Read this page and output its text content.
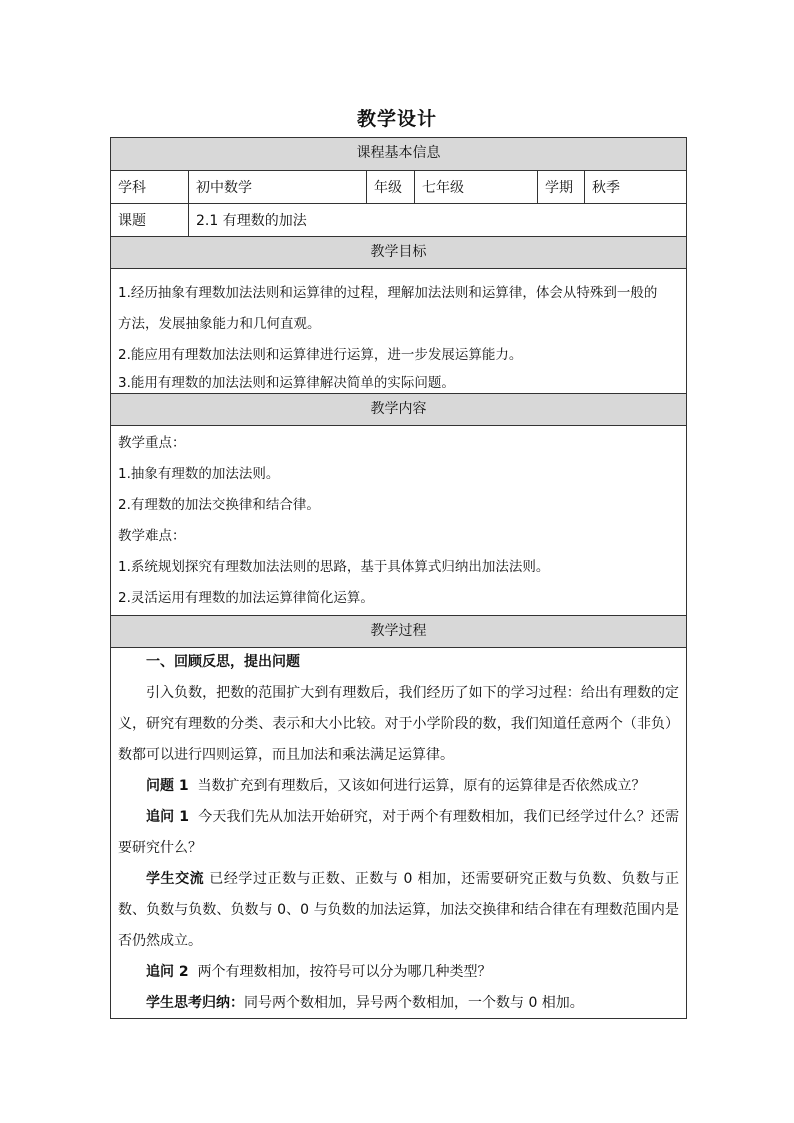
教学设计
课程基本信息
学科	初中数学	年级	七年级	学期	秋季
课题	2.1 有理数的加法
教学目标
1.经历抽象有理数加法法则和运算律的过程，理解加法法则和运算律，体会从特殊到一般的
方法，发展抽象能力和几何直观。
2.能应用有理数加法法则和运算律进行运算，进一步发展运算能力。
3.能用有理数的加法法则和运算律解决简单的实际问题。
教学内容
教学重点：
1.抽象有理数的加法法则。
2.有理数的加法交换律和结合律。
教学难点：
1.系统规划探究有理数加法法则的思路，基于具体算式归纳出加法法则。
2.灵活运用有理数的加法运算律简化运算。
教学过程

一、回顾反思，提出问题

引入负数，把数的范围扩大到有理数后，我们经历了如下的学习过程：给出有理数的定义，研究有理数的分类、表示和大小比较。对于小学阶段的数，我们知道任意两个（非负）数都可以进行四则运算，而且加法和乘法满足运算律。

问题 1 当数扩充到有理数后，又该如何进行运算，原有的运算律是否依然成立？

追问 1 今天我们先从加法开始研究，对于两个有理数相加，我们已经学过什么？还需要研究什么？

学生交流 已经学过正数与正数、正数与 0 相加，还需要研究正数与负数、负数与正数、负数与负数、负数与 0、0 与负数的加法运算，加法交换律和结合律在有理数范围内是否仍然成立。

追问 2 两个有理数相加，按符号可以分为哪几种类型？

学生思考归纳：同号两个数相加，异号两个数相加，一个数与 0 相加。
